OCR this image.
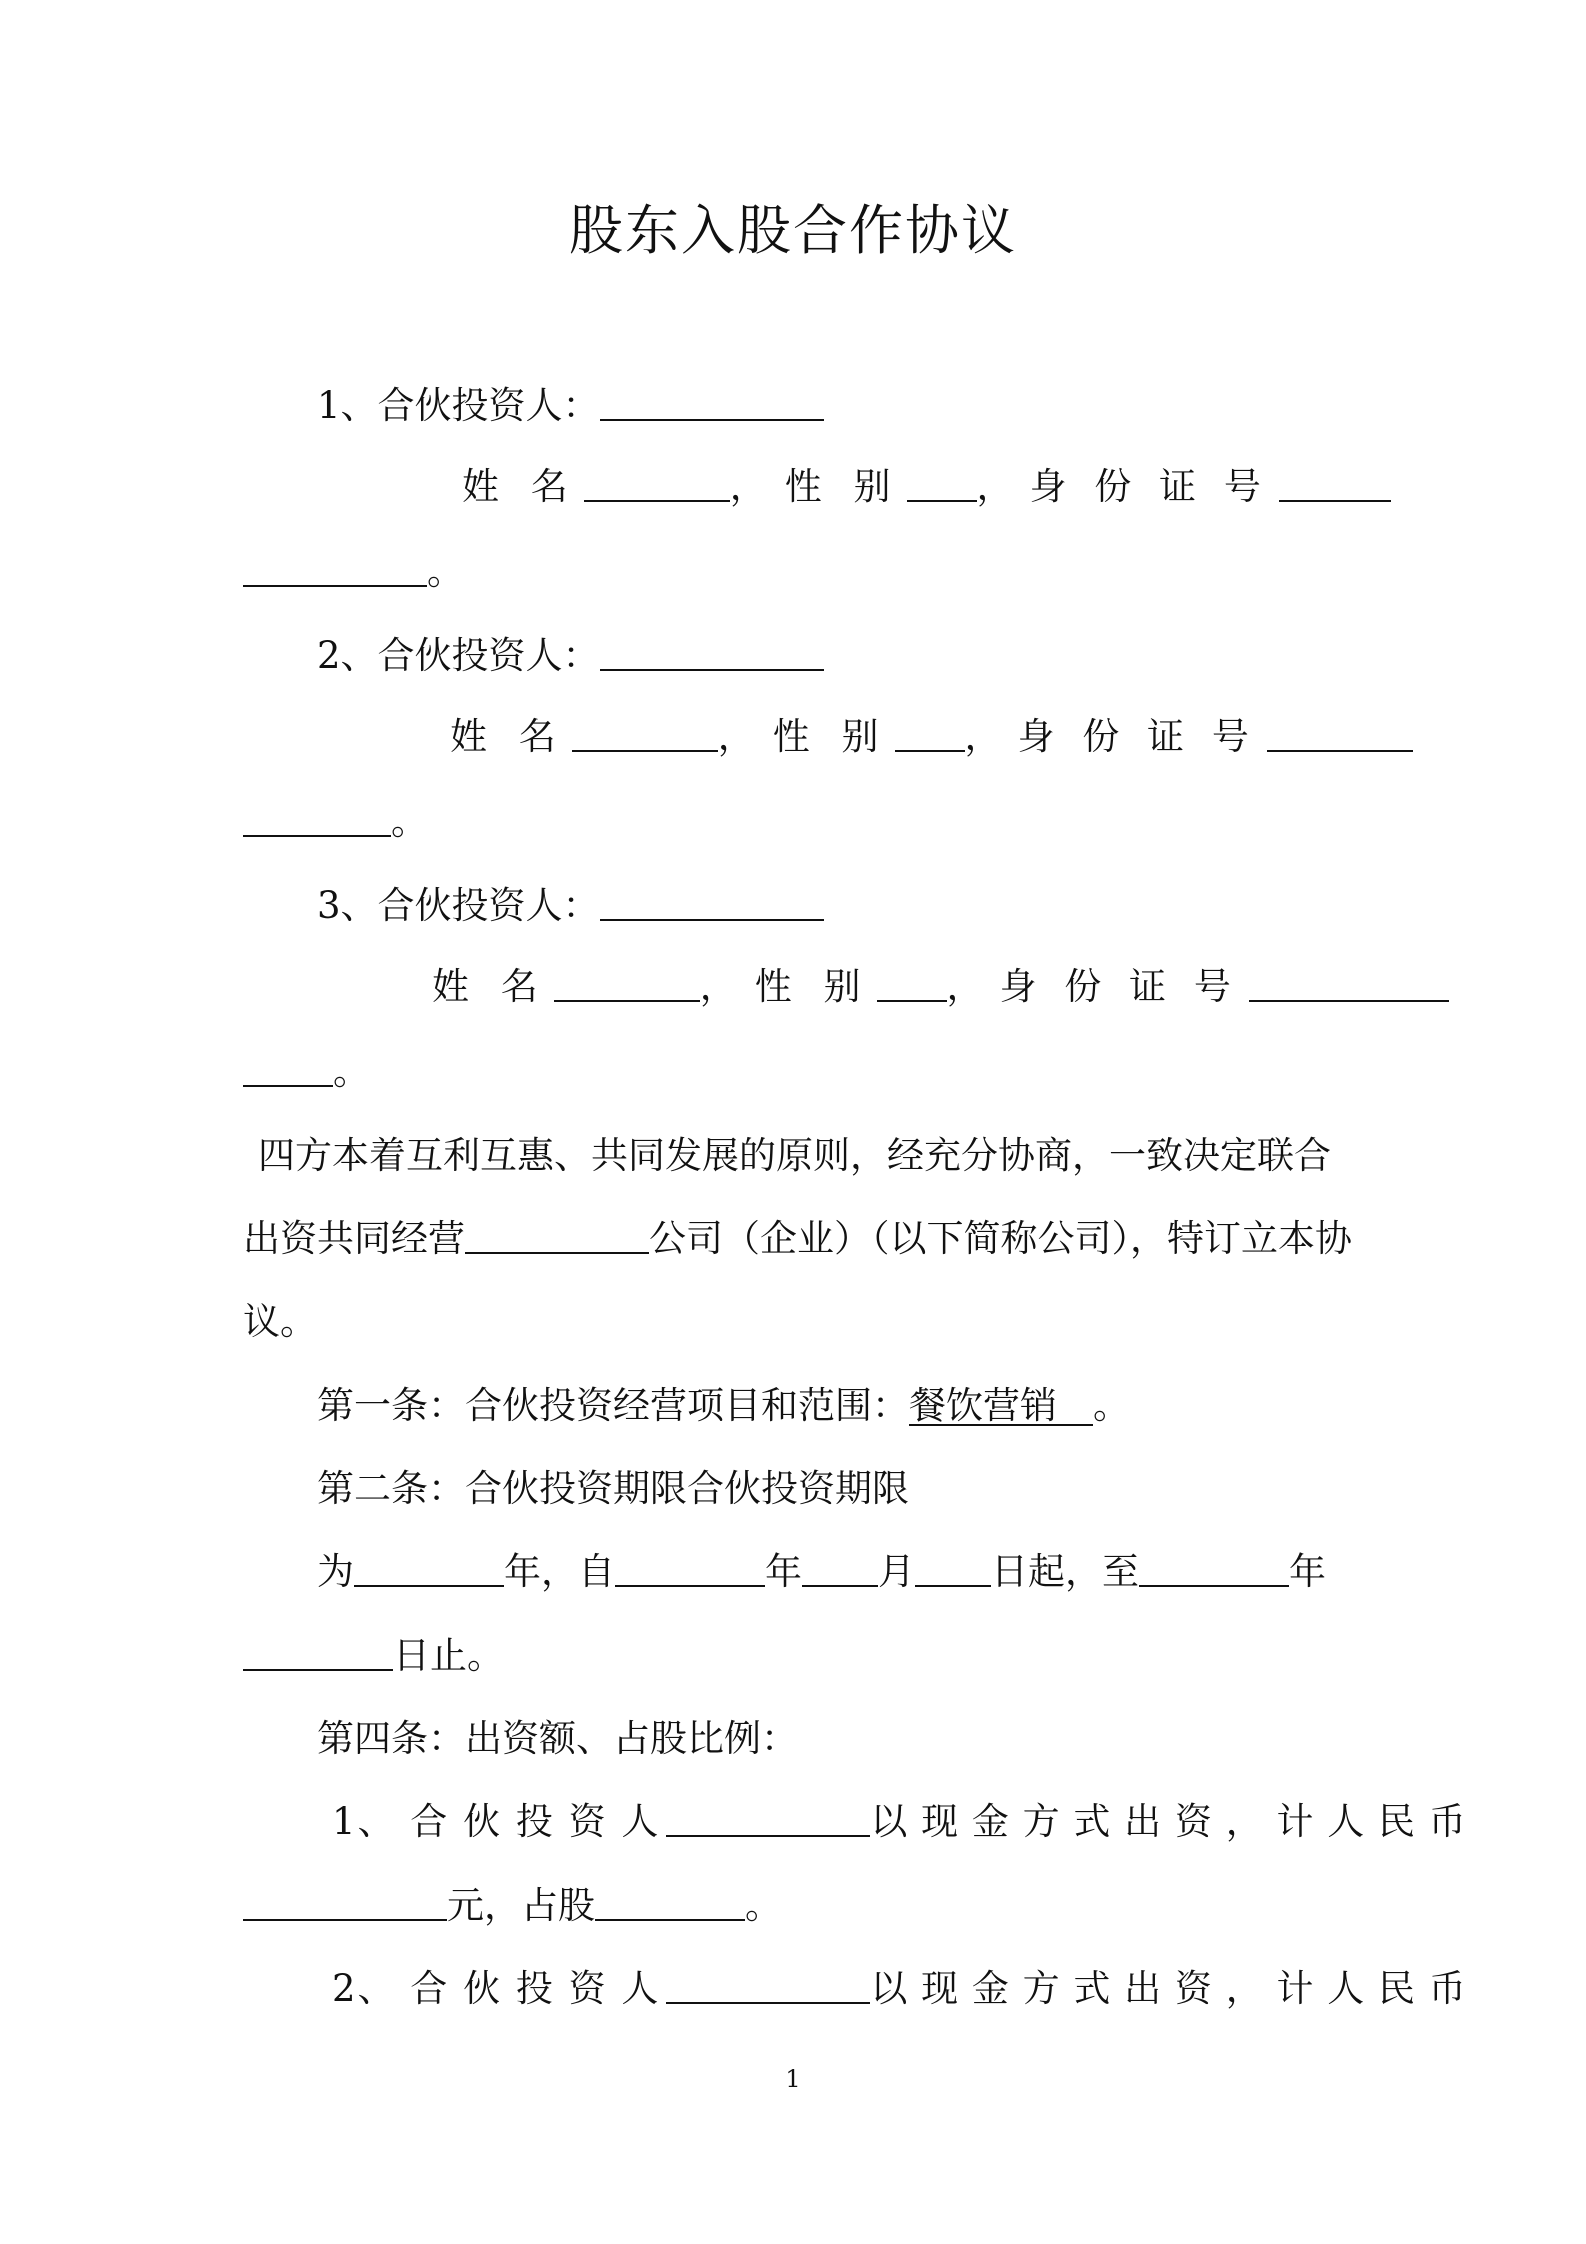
股东入股合作协议
1、合伙投资人：
姓 名	， 性 别 ， 身 份 证 号
。
2、合伙投资人：
姓 名	， 性 别 ， 身 份 证 号
。
3、合伙投资人：
姓 名	， 性 别 ， 身 份 证 号
。
四方本着互利互惠、共同发展的原则，经充分协商，一致决定联合
出资共同经营	公司（企业）（以下简称公司），特订立本协
议。
第一条：合伙投资经营项目和范围：餐饮营销 。
第二条：合伙投资期限合伙投资期限
为	年，自	年 月 日起，至	年
日止。
第四条：出资额、占股比例：
1、 合 伙 投 资 人	以 现 金 方 式 出 资 ， 计 人 民 币
元，占股	。
2、 合 伙 投 资 人	以 现 金 方 式 出 资 ， 计 人 民 币
1
